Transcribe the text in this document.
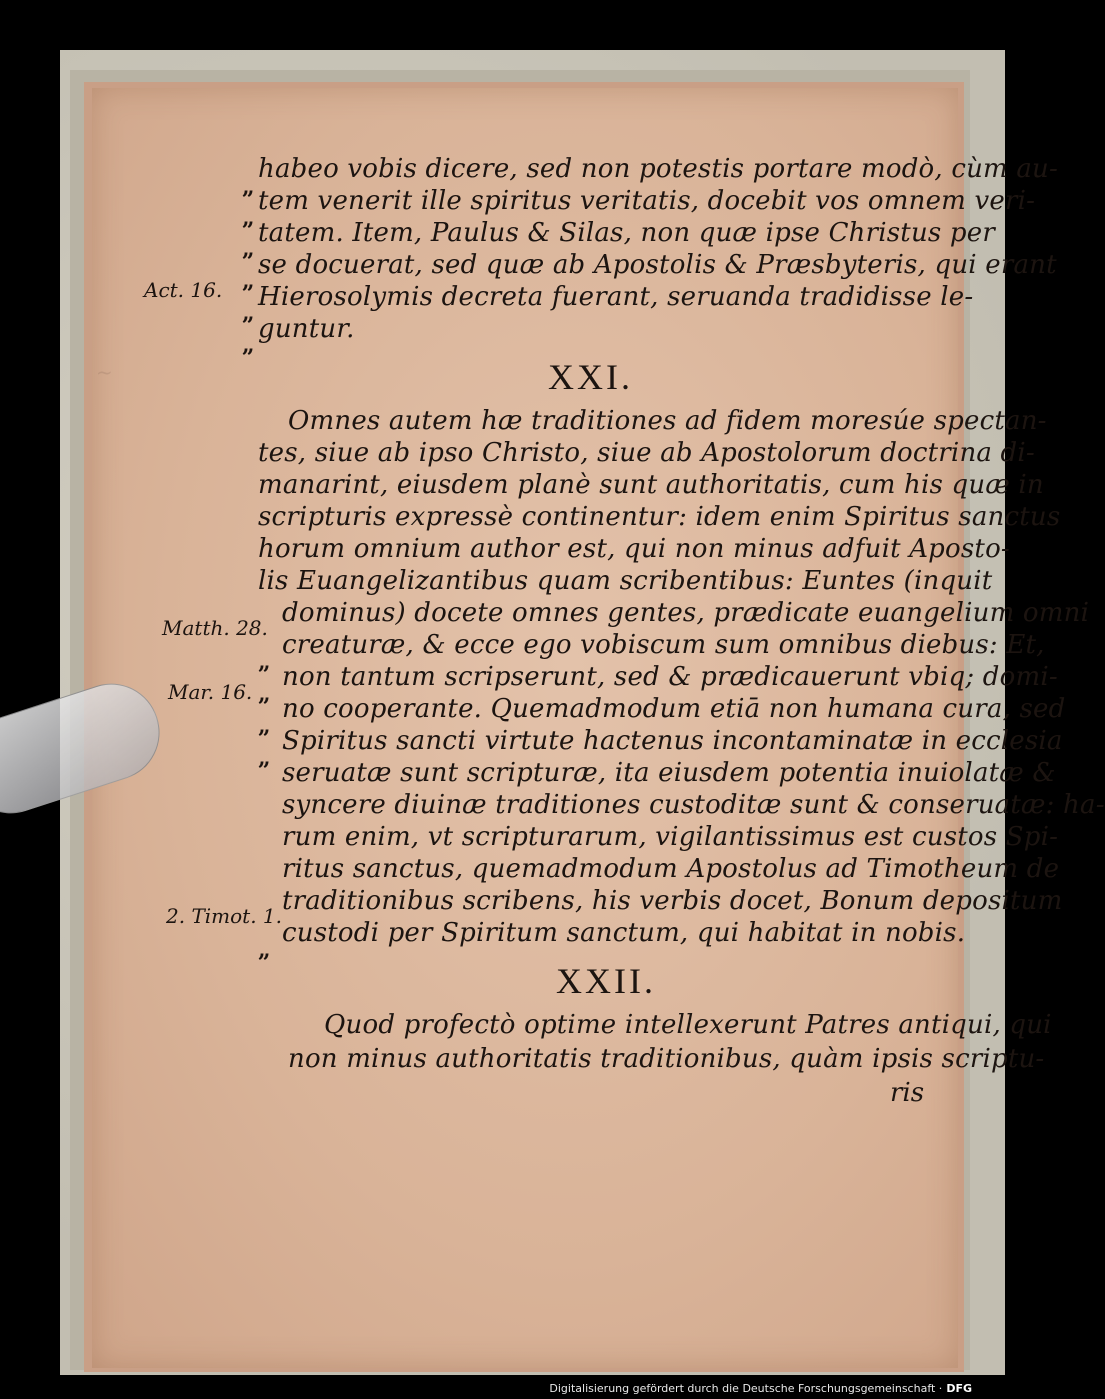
~
„
„
„
„
„
„
habeo vobis dicere, sed non potestis portare modò, cùm au-
tem venerit ille spiritus veritatis, docebit vos omnem veri-
tatem. Item, Paulus & Silas, non quæ ipse Christus per
se docuerat, sed quæ ab Apostolis & Præsbyteris, qui erant
Hierosolymis decreta fuerant, seruanda tradidisse le-
guntur.
Act. 16.
XXI.
Omnes autem hæ traditiones ad fidem moresúe spectan-
tes, siue ab ipso Christo, siue ab Apostolorum doctrina di-
manarint, eiusdem planè sunt authoritatis, cum his quæ in
scripturis expressè continentur: idem enim Spiritus sanctus
horum omnium author est, qui non minus adfuit Aposto-
lis Euangelizantibus quam scribentibus: Euntes (inquit
dominus) docete omnes gentes, prædicate euangelium omni
creaturæ, & ecce ego vobiscum sum omnibus diebus: Et,
non tantum scripserunt, sed & prædicauerunt vbiq; domi-
no cooperante. Quemadmodum etiā non humana cura, sed
Spiritus sancti virtute hactenus incontaminatæ in ecclesia
seruatæ sunt scripturæ, ita eiusdem potentia inuiolatæ &
syncere diuinæ traditiones custoditæ sunt & conseruatæ: ha-
rum enim, vt scripturarum, vigilantissimus est custos Spi-
ritus sanctus, quemadmodum Apostolus ad Timotheum de
traditionibus scribens, his verbis docet, Bonum depositum
custodi per Spiritum sanctum, qui habitat in nobis.
„
„
„
„
„
Matth. 28.
Mar. 16.
2. Timot. 1.
XXII.
Quod profectò optime intellexerunt Patres antiqui, qui
non minus authoritatis traditionibus, quàm ipsis scriptu-
ris
Digitalisierung gefördert durch die Deutsche Forschungsgemeinschaft · DFG
